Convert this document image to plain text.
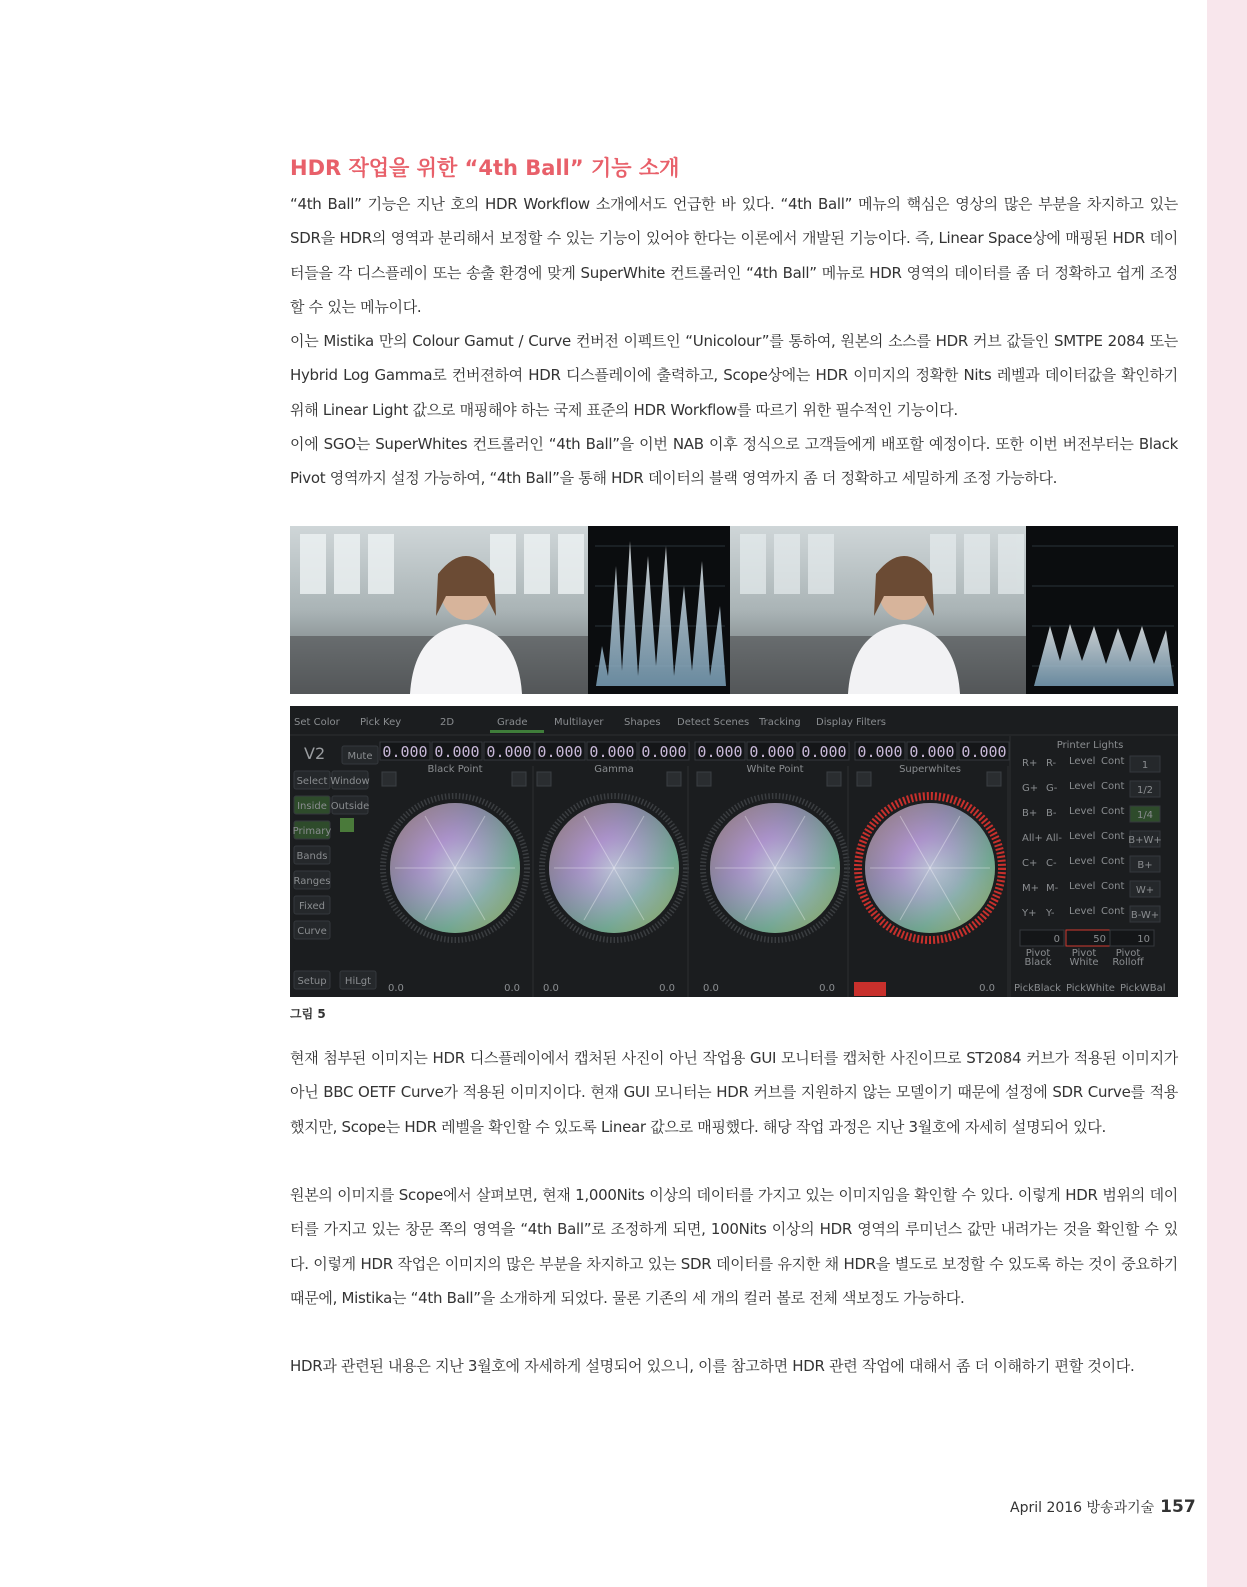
HDR 작업을 위한 “4th Ball” 기능 소개

“4th Ball” 기능은 지난 호의 HDR Workflow 소개에서도 언급한 바 있다. “4th Ball” 메뉴의 핵심은 영상의 많은 부분을 차지하고 있는 SDR을 HDR의 영역과 분리해서 보정할 수 있는 기능이 있어야 한다는 이론에서 개발된 기능이다. 즉, Linear Space상에 매핑된 HDR 데이터들을 각 디스플레이 또는 송출 환경에 맞게 SuperWhite 컨트롤러인 “4th Ball” 메뉴로 HDR 영역의 데이터를 좀 더 정확하고 쉽게 조정할 수 있는 메뉴이다.

이는 Mistika 만의 Colour Gamut / Curve 컨버전 이펙트인 “Unicolour”를 통하여, 원본의 소스를 HDR 커브 값들인 SMTPE 2084 또는 Hybrid Log Gamma로 컨버젼하여 HDR 디스플레이에 출력하고, Scope상에는 HDR 이미지의 정확한 Nits 레벨과 데이터값을 확인하기 위해 Linear Light 값으로 매핑해야 하는 국제 표준의 HDR Workflow를 따르기 위한 필수적인 기능이다.

이에 SGO는 SuperWhites 컨트롤러인 “4th Ball”을 이번 NAB 이후 정식으로 고객들에게 배포할 예정이다. 또한 이번 버전부터는 Black Pivot 영역까지 설정 가능하여, “4th Ball”을 통해 HDR 데이터의 블랙 영역까지 좀 더 정확하고 세밀하게 조정 가능하다.

Set Color Pick Key	2D	Grade	Multilayer Shapes Detect Scenes Tracking Display Filters
V2 Mute
Select Window
Inside Outside
Primary
Bands
Ranges
Fixed
Curve
Setup HiLgt
0.000 0.000 0.000
Black Point
0.0	0.0
0.000 0.000 0.000
Gamma
0.0	0.0
0.000 0.000 0.000
White Point
0.0	0.0
0.000 0.000 0.000
Superwhites
0.0
Printer Lights
R+ R- Level Cont 1
G+ G- Level Cont 1/2
B+ B- Level Cont 1/4
All+ All- Level Cont B+W+
C+ C- Level Cont B+
M+ M- Level Cont W+
Y+ Y- Level Cont B-W+
0	50	10
Pivot
Black
Pivot
White
Pivot
Rolloff
PickBlack PickWhite PickWBal
그림 5

현재 첨부된 이미지는 HDR 디스플레이에서 캡처된 사진이 아닌 작업용 GUI 모니터를 캡처한 사진이므로 ST2084 커브가 적용된 이미지가 아닌 BBC OETF Curve가 적용된 이미지이다. 현재 GUI 모니터는 HDR 커브를 지원하지 않는 모델이기 때문에 설정에 SDR Curve를 적용했지만, Scope는 HDR 레벨을 확인할 수 있도록 Linear 값으로 매핑했다. 해당 작업 과정은 지난 3월호에 자세히 설명되어 있다.

원본의 이미지를 Scope에서 살펴보면, 현재 1,000Nits 이상의 데이터를 가지고 있는 이미지임을 확인할 수 있다. 이렇게 HDR 범위의 데이터를 가지고 있는 창문 쪽의 영역을 “4th Ball”로 조정하게 되면, 100Nits 이상의 HDR 영역의 루미넌스 값만 내려가는 것을 확인할 수 있다. 이렇게 HDR 작업은 이미지의 많은 부분을 차지하고 있는 SDR 데이터를 유지한 채 HDR을 별도로 보정할 수 있도록 하는 것이 중요하기 때문에, Mistika는 “4th Ball”을 소개하게 되었다. 물론 기존의 세 개의 컬러 볼로 전체 색보정도 가능하다.

HDR과 관련된 내용은 지난 3월호에 자세하게 설명되어 있으니, 이를 참고하면 HDR 관련 작업에 대해서 좀 더 이해하기 편할 것이다.

April 2016 방송과기술 157
